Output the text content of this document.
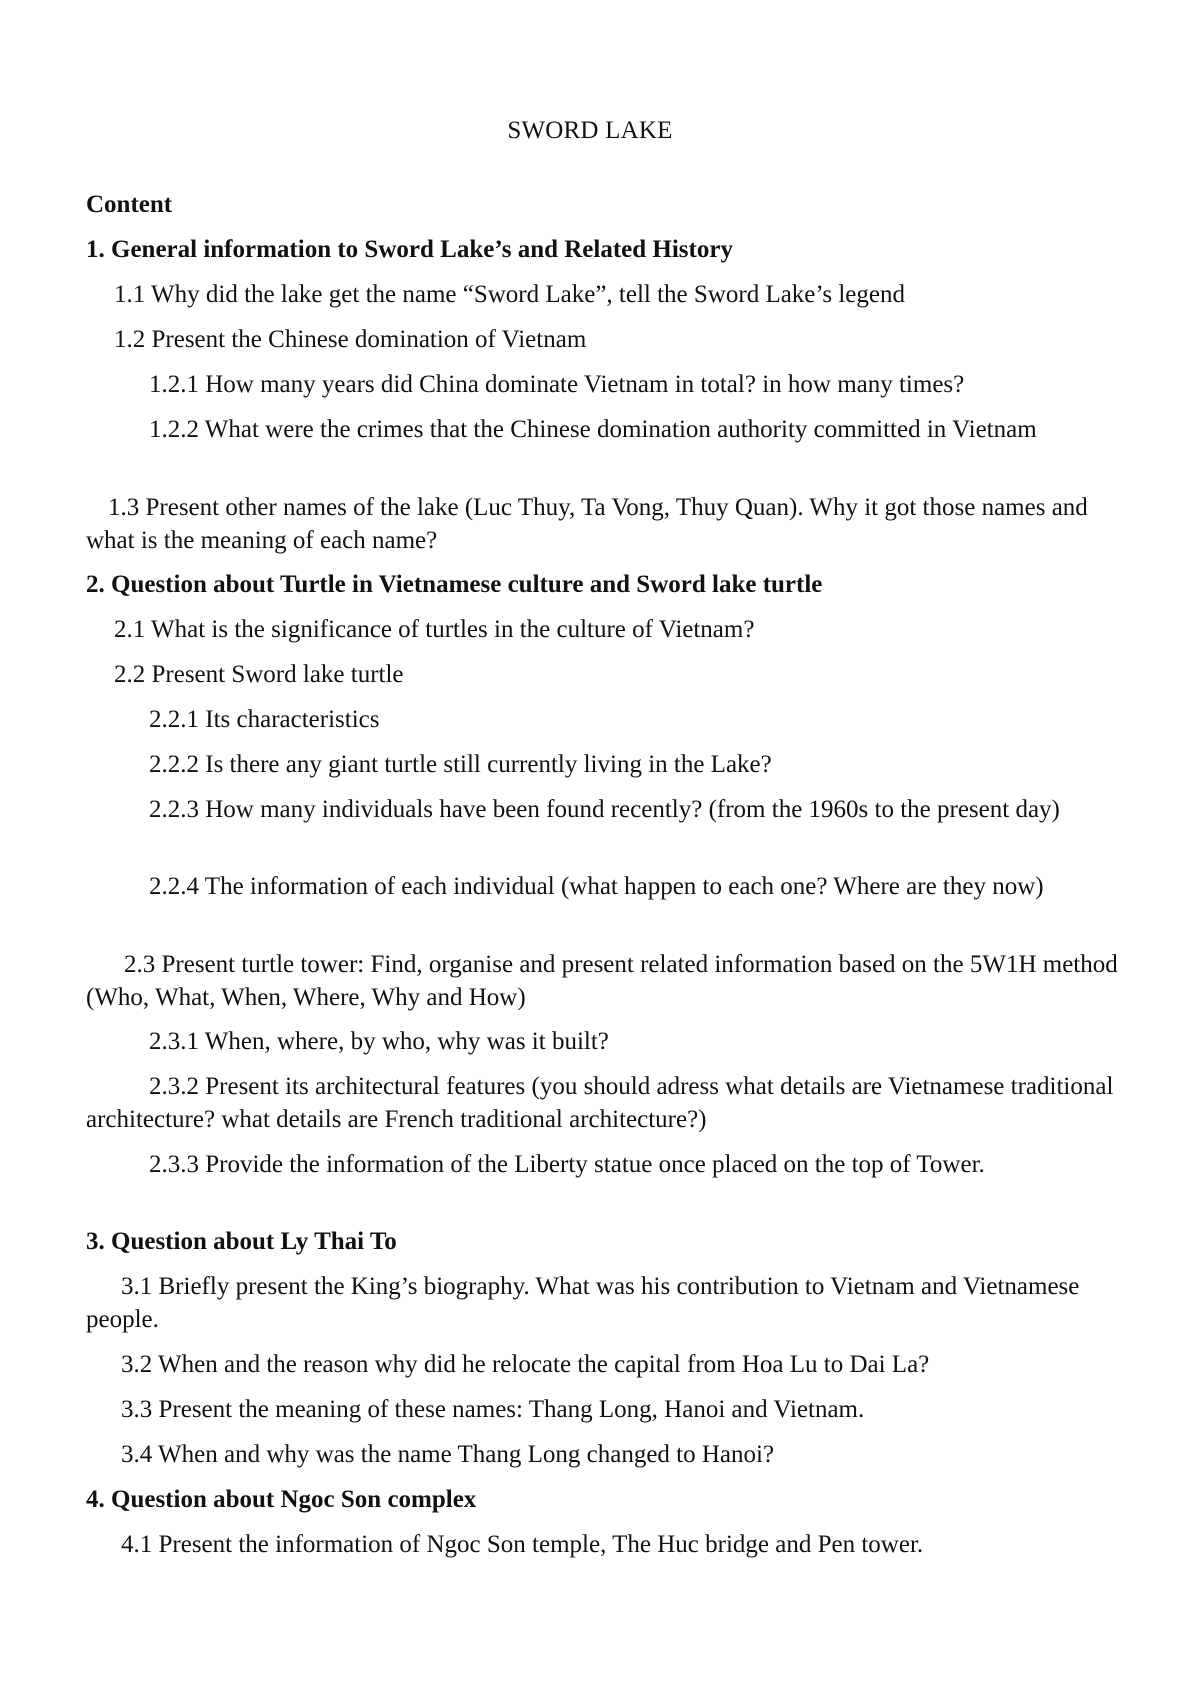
SWORD LAKE
Content
1. General information to Sword Lake’s and Related History
1.1 Why did the lake get the name “Sword Lake”, tell the Sword Lake’s legend
1.2 Present the Chinese domination of Vietnam
1.2.1 How many years did China dominate Vietnam in total? in how many times?
1.2.2 What were the crimes that the Chinese domination authority committed in Vietnam
1.3 Present other names of the lake (Luc Thuy, Ta Vong, Thuy Quan). Why it got those names and what is the meaning of each name?
2. Question about Turtle in Vietnamese culture and Sword lake turtle
2.1 What is the significance of turtles in the culture of Vietnam?
2.2 Present Sword lake turtle
2.2.1 Its characteristics
2.2.2 Is there any giant turtle still currently living in the Lake?
2.2.3 How many individuals have been found recently? (from the 1960s to the present day)
2.2.4 The information of each individual (what happen to each one? Where are they now)
2.3 Present turtle tower: Find, organise and present related information based on the 5W1H method (Who, What, When, Where, Why and How)
2.3.1 When, where, by who, why was it built?
2.3.2 Present its architectural features (you should adress what details are Vietnamese traditional architecture? what details are French traditional architecture?)
2.3.3 Provide the information of the Liberty statue once placed on the top of Tower.
3. Question about Ly Thai To
3.1 Briefly present the King’s biography. What was his contribution to Vietnam and Vietnamese people.
3.2 When and the reason why did he relocate the capital from Hoa Lu to Dai La?
3.3 Present the meaning of these names: Thang Long, Hanoi and Vietnam.
3.4 When and why was the name Thang Long changed to Hanoi?
4. Question about Ngoc Son complex
4.1 Present the information of Ngoc Son temple, The Huc bridge and Pen tower.
